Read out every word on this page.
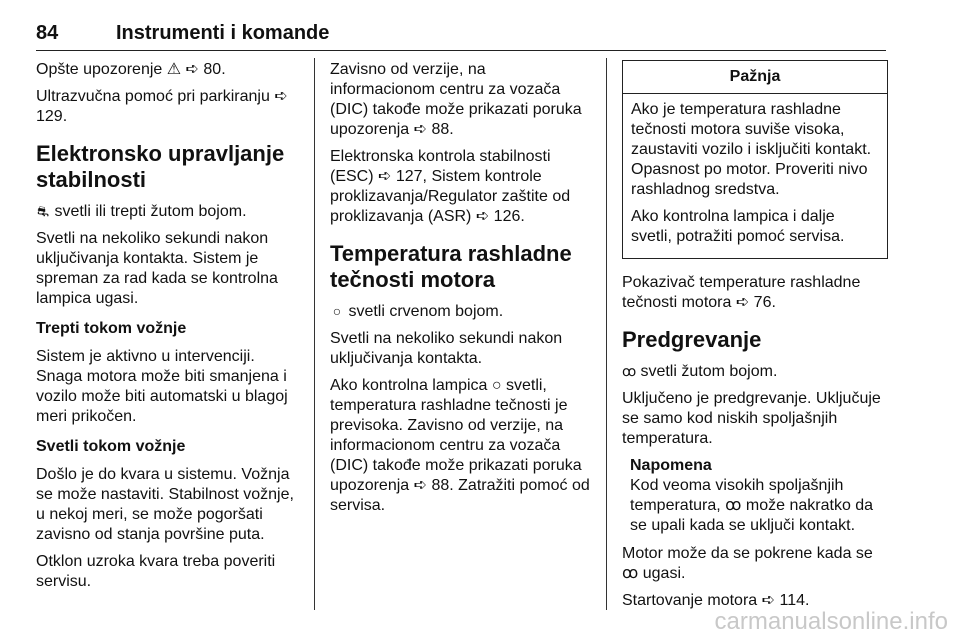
84	Instrumenti i komande

Opšte upozorenje ⚠ ➪ 80.

Ultrazvučna pomoć pri parkiranju ➪ 129.

Elektronsko upravljanje stabilnosti

⛐ svetli ili trepti žutom bojom.

Svetli na nekoliko sekundi nakon uključivanja kontakta. Sistem je spreman za rad kada se kontrolna lampica ugasi.

Trepti tokom vožnje

Sistem je aktivno u intervenciji. Snaga motora može biti smanjena i vozilo može biti automatski u blagoj meri prikočen.

Svetli tokom vožnje

Došlo je do kvara u sistemu. Vožnja se može nastaviti. Stabilnost vožnje, u nekoj meri, se može pogoršati zavisno od stanja površine puta.

Otklon uzroka kvara treba poveriti servisu.

Zavisno od verzije, na informacionom centru za vozača (DIC) takođe može prikazati poruka upozorenja ➪ 88.

Elektronska kontrola stabilnosti (ESC) ➪ 127, Sistem kontrole proklizavanja/Regulator zaštite od proklizavanja (ASR) ➪ 126.

Temperatura rashladne tečnosti motora

○ svetli crvenom bojom.

Svetli na nekoliko sekundi nakon uključivanja kontakta.

Ako kontrolna lampica ○ svetli, temperatura rashladne tečnosti je previsoka. Zavisno od verzije, na informacionom centru za vozača (DIC) takođe može prikazati poruka upozorenja ➪ 88. Zatražiti pomoć od servisa.

Pažnja

Ako je temperatura rashladne tečnosti motora suviše visoka, zaustaviti vozilo i isključiti kontakt. Opasnost po motor. Proveriti nivo rashladnog sredstva.

Ako kontrolna lampica i dalje svetli, potražiti pomoć servisa.

Pokazivač temperature rashladne tečnosti motora ➪ 76.

Predgrevanje

ꝏ svetli žutom bojom.

Uključeno je predgrevanje. Uključuje se samo kod niskih spoljašnjih temperatura.

Napomena
Kod veoma visokih spoljašnjih temperatura, ꝏ može nakratko da se upali kada se uključi kontakt.

Motor može da se pokrene kada se ꝏ ugasi.

Startovanje motora ➪ 114.

carmanualsonline.info
